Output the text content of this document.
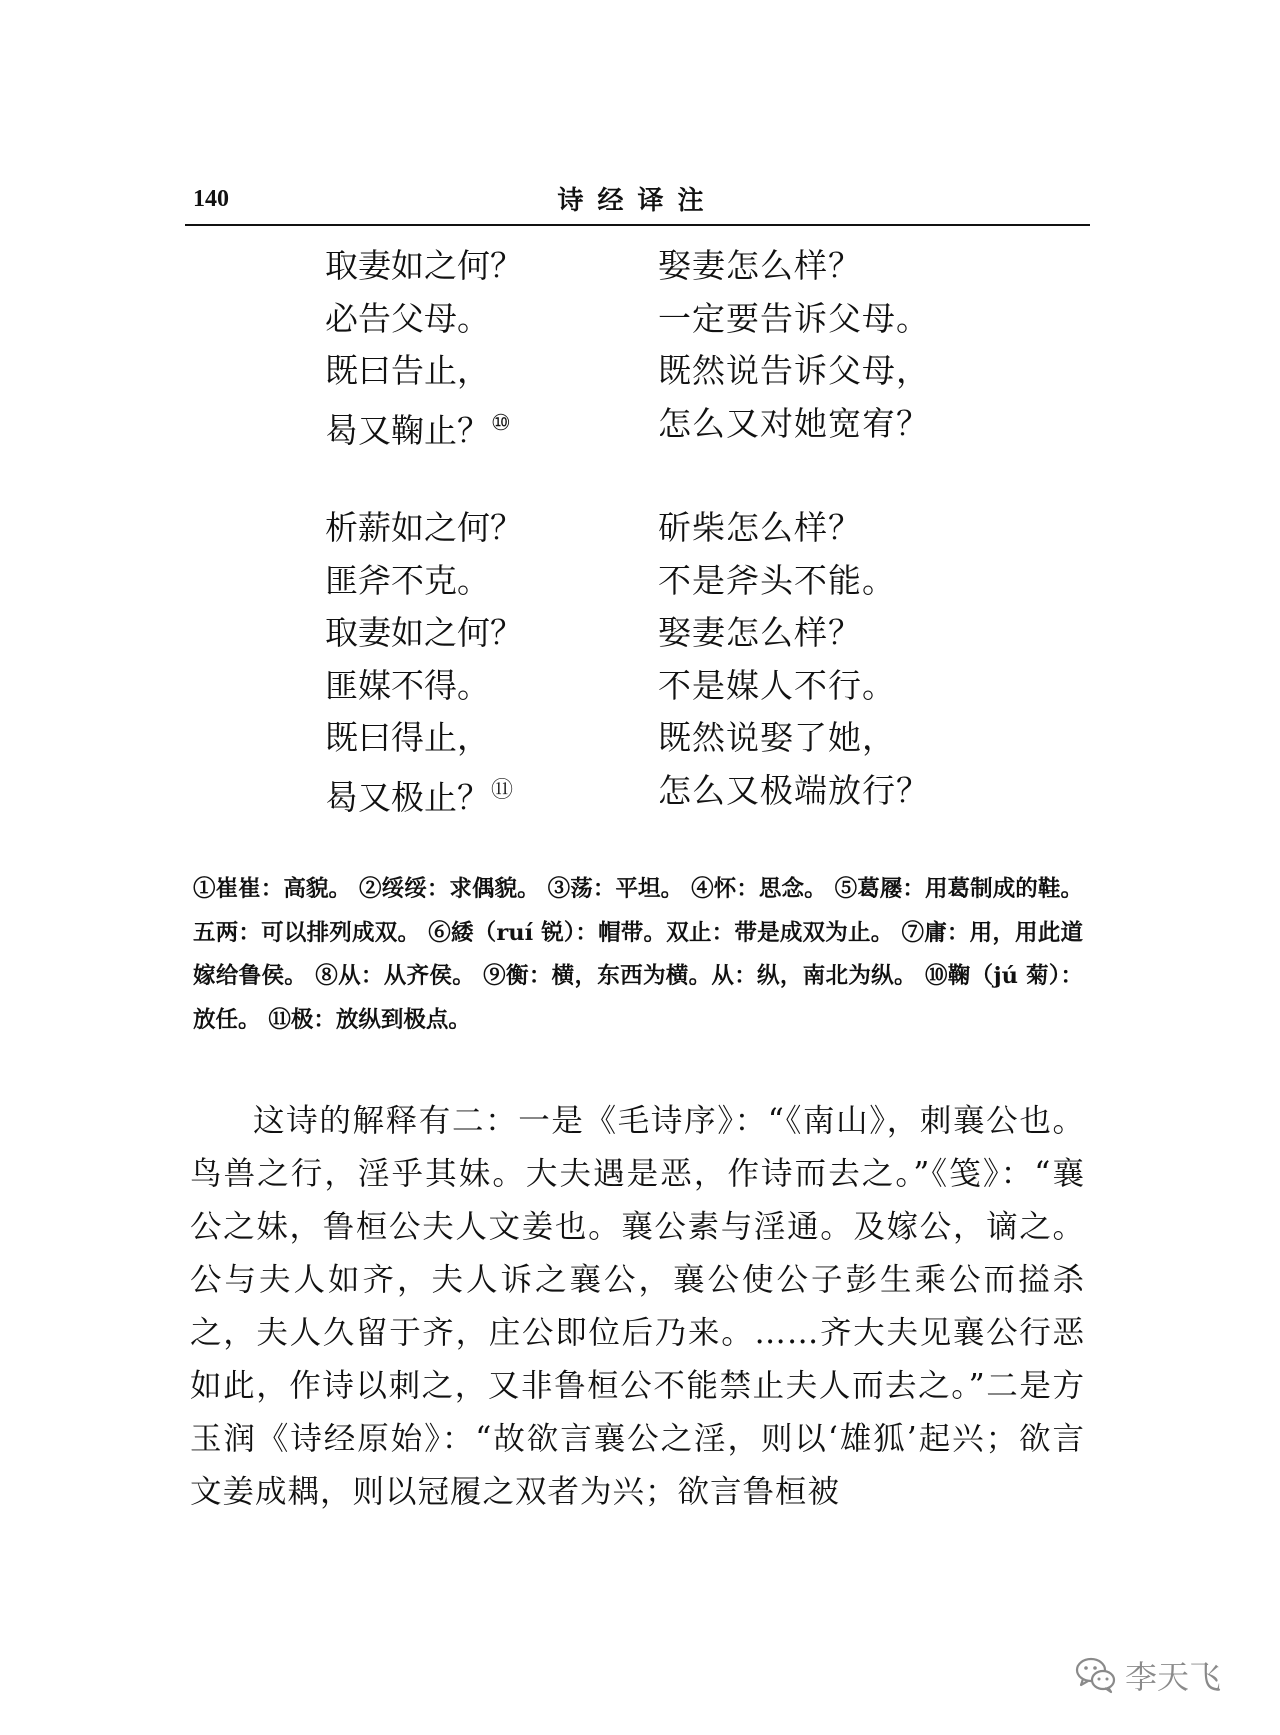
140	诗经译注
取妻如之何？	娶妻怎么样？
必告父母。	一定要告诉父母。
既曰告止，	既然说告诉父母，
曷又鞠止？⑩	怎么又对她宽宥？
析薪如之何？	斫柴怎么样？
匪斧不克。	不是斧头不能。
取妻如之何？	娶妻怎么样？
匪媒不得。	不是媒人不行。
既曰得止，	既然说娶了她，
曷又极止？⑪	怎么又极端放行？

①崔崔：高貌。 ②绥绥：求偶貌。 ③荡：平坦。 ④怀：思念。 ⑤葛屦：用葛制成的鞋。五两：可以排列成双。 ⑥緌（ruí 锐）：帽带。双止：带是成双为止。 ⑦庸：用，用此道嫁给鲁侯。 ⑧从：从齐侯。 ⑨衡：横，东西为横。从：纵，南北为纵。 ⑩鞠（jú 菊）：放任。 ⑪极：放纵到极点。

这诗的解释有二：一是《毛诗序》：“《南山》，刺襄公也。鸟兽之行，淫乎其妹。大夫遇是恶，作诗而去之。”《笺》：“襄公之妹，鲁桓公夫人文姜也。襄公素与淫通。及嫁公，谪之。公与夫人如齐，夫人诉之襄公，襄公使公子彭生乘公而搤杀之，夫人久留于齐，庄公即位后乃来。……齐大夫见襄公行恶如此，作诗以刺之，又非鲁桓公不能禁止夫人而去之。”二是方玉润《诗经原始》：“故欲言襄公之淫，则以‘雄狐’起兴；欲言文姜成耦，则以冠履之双者为兴；欲言鲁桓被

李天飞
